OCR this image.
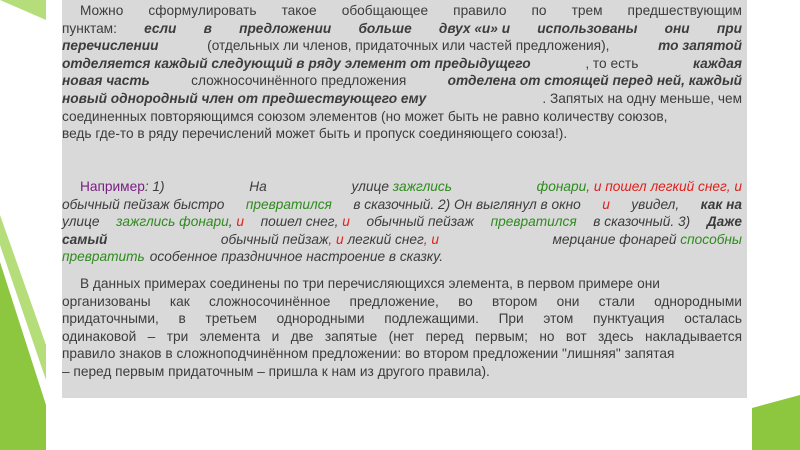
Можно сформулировать такое обобщающее правило по трем предшествующим
пунктам: если в предложении больше двух «и» и использованы они при
перечислении	(отдельных ли членов, придаточных или частей предложения),	то запятой
отделяется каждый следующий в ряду элемент от предыдущего	, то есть	каждая
новая часть	сложносочинённого предложения	отделена от стоящей перед ней, каждый
новый однородный член от предшествующего ему	. Запятых на одну меньше, чем
соединенных повторяющимся союзом элементов (но может быть не равно количеству союзов,
ведь где-то в ряду перечислений может быть и пропуск соединяющего союза!).
Например: 1)	На	улице зажглись	фонари, и пошел легкий снег, и
обычный пейзаж быстро превратился в сказочный. 2) Он выглянул в окно и увидел, как на
улице зажглись фонари, и пошел снег, и обычный пейзаж превратился в сказочный. 3) Даже
самый	обычный пейзаж, и легкий снег, и	мерцание фонарей способны
превратить особенное праздничное настроение в сказку.
В данных примерах соединены по три перечисляющихся элемента, в первом примере они
организованы как сложносочинённое предложение, во втором они стали однородными
придаточными, в третьем однородными подлежащими. При этом пунктуация осталась
одинаковой – три элемента и две запятые (нет перед первым; но вот здесь накладывается
правило знаков в сложноподчинённом предложении: во втором предложении "лишняя" запятая
– перед первым придаточным – пришла к нам из другого правила).
